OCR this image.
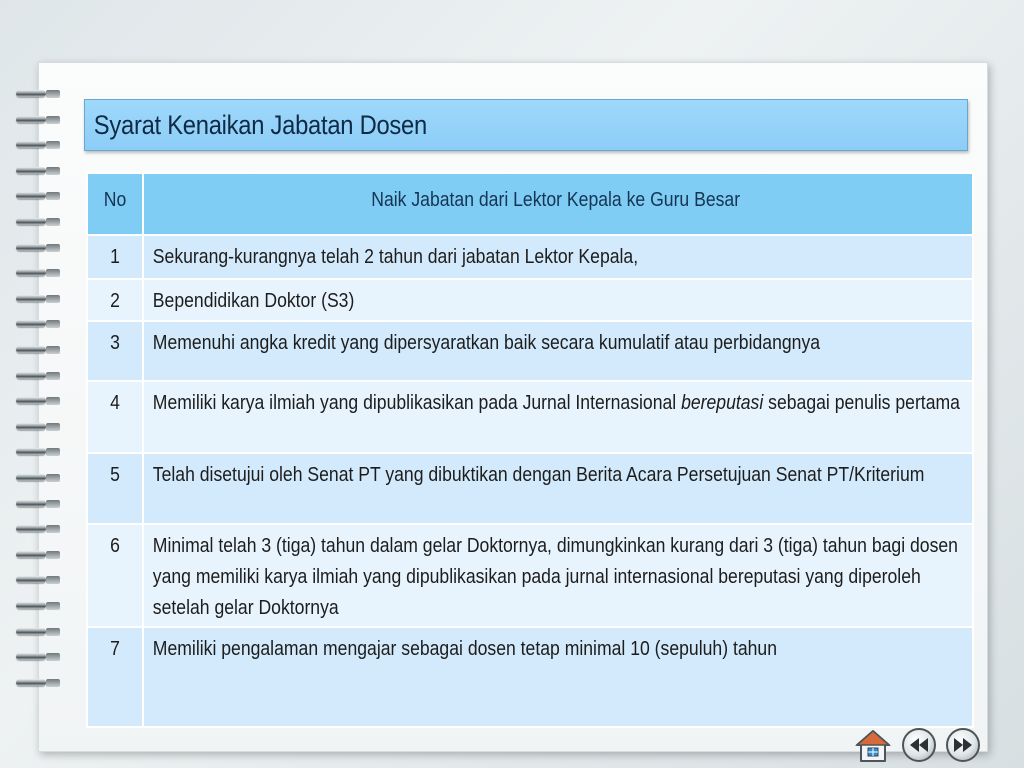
Syarat Kenaikan Jabatan Dosen
No	Naik Jabatan dari Lektor Kepala ke Guru Besar

1	Sekurang-kurangnya telah 2 tahun dari jabatan Lektor Kepala,

2	Bependidikan Doktor (S3)

3	Memenuhi angka kredit yang dipersyaratkan baik secara kumulatif atau perbidangnya

4	Memiliki karya ilmiah yang dipublikasikan pada Jurnal Internasional bereputasi sebagai penulis pertama

5	Telah disetujui oleh Senat PT yang dibuktikan dengan Berita Acara Persetujuan Senat PT/Kriterium

6	Minimal telah 3 (tiga) tahun dalam gelar Doktornya, dimungkinkan kurang dari 3 (tiga) tahun bagi dosen yang memiliki karya ilmiah yang dipublikasikan pada jurnal internasional bereputasi yang diperoleh setelah gelar Doktornya

7	Memiliki pengalaman mengajar sebagai dosen tetap minimal 10 (sepuluh) tahun
